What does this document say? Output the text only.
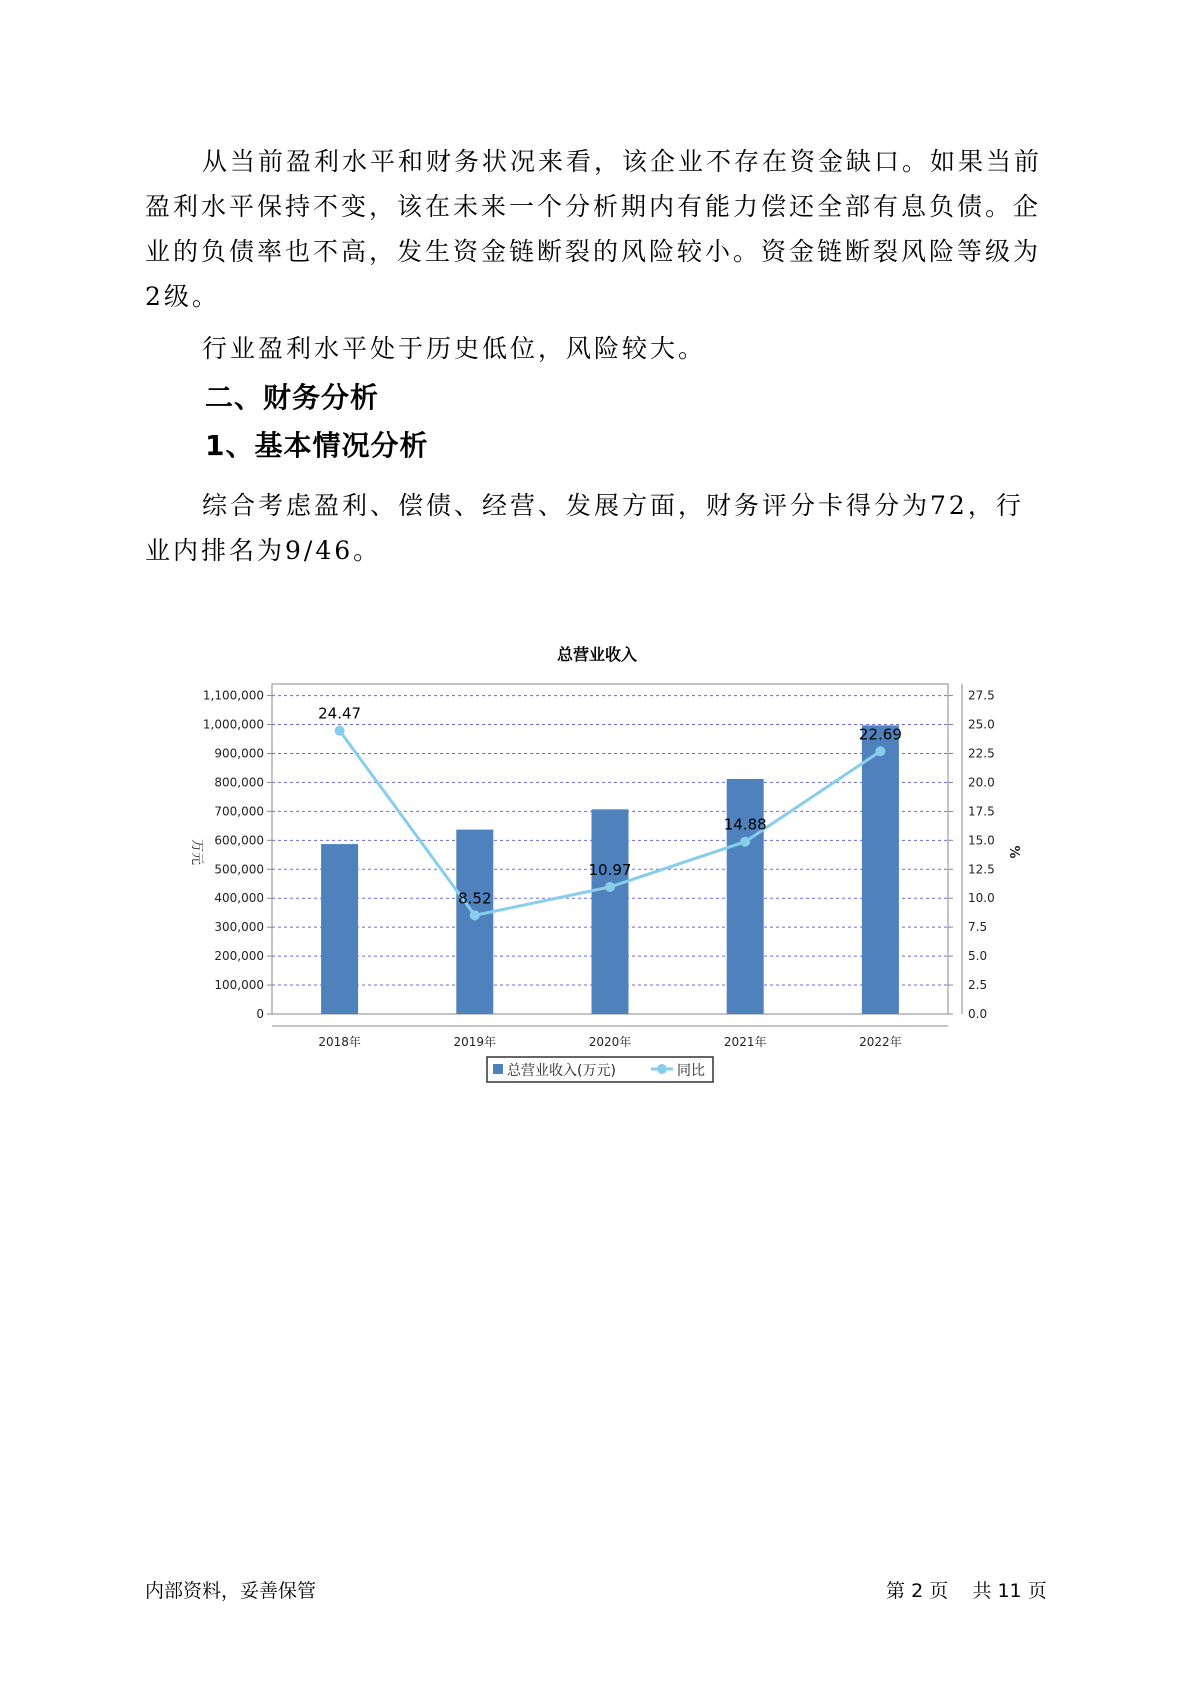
从当前盈利水平和财务状况来看，该企业不存在资金缺口。如果当前盈利水平保持不变，该在未来一个分析期内有能力偿还全部有息负债。企业的负债率也不高，发生资金链断裂的风险较小。资金链断裂风险等级为2级。

行业盈利水平处于历史低位，风险较大。

二、财务分析
1、基本情况分析

综合考虑盈利、偿债、经营、发展方面，财务评分卡得分为72，行业内排名为9/46。

总营业收入
0
100,000
200,000
300,000
400,000
500,000
600,000
700,000
800,000
900,000
1,000,000
1,100,000
0.0
2.5
5.0
7.5
10.0
12.5
15.0
17.5
20.0
22.5
25.0
27.5
万元	%
2018年	2019年	2020年	2021年	2022年
24.47
8.52
10.97
14.88
22.69
总营业收入(万元)	同比
内部资料，妥善保管	第 2 页 共 11 页
